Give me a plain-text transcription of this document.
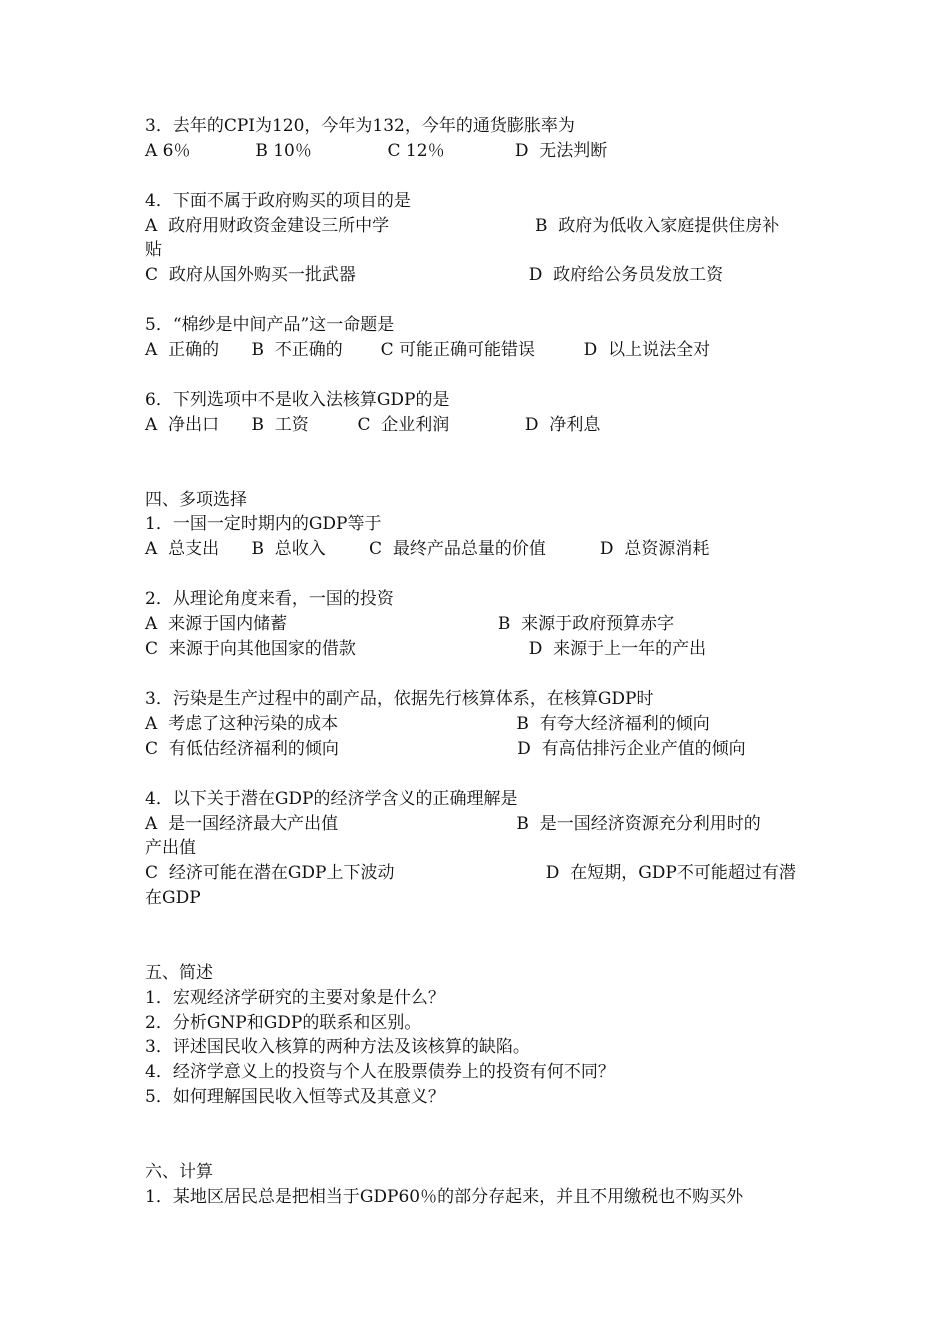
3．去年的CPI为120，今年为132，今年的通货膨胀率为
A 6％            B 10％              C 12％             D  无法判断
4．下面不属于政府购买的项目的是
A  政府用财政资金建设三所中学                           B  政府为低收入家庭提供住房补
贴
C  政府从国外购买一批武器                                D  政府给公务员发放工资
5．“棉纱是中间产品”这一命题是
A  正确的      B  不正确的       C 可能正确可能错误         D  以上说法全对
6．下列选项中不是收入法核算GDP的是
A  净出口      B  工资         C  企业利润              D  净利息
四、多项选择
1．一国一定时期内的GDP等于
A  总支出      B  总收入        C  最终产品总量的价值          D  总资源消耗
2．从理论角度来看，一国的投资
A  来源于国内储蓄                                       B  来源于政府预算赤字
C  来源于向其他国家的借款                                D  来源于上一年的产出
3．污染是生产过程中的副产品，依据先行核算体系，在核算GDP时
A  考虑了这种污染的成本                                 B  有夸大经济福利的倾向
C  有低估经济福利的倾向                                 D  有高估排污企业产值的倾向
4．以下关于潜在GDP的经济学含义的正确理解是
A  是一国经济最大产出值                                 B  是一国经济资源充分利用时的
产出值
C  经济可能在潜在GDP上下波动                            D  在短期，GDP不可能超过有潜
在GDP
五、简述
1．宏观经济学研究的主要对象是什么？
2．分析GNP和GDP的联系和区别。
3．评述国民收入核算的两种方法及该核算的缺陷。
4．经济学意义上的投资与个人在股票债券上的投资有何不同？
5．如何理解国民收入恒等式及其意义？
六、计算
1．某地区居民总是把相当于GDP60％的部分存起来，并且不用缴税也不购买外
